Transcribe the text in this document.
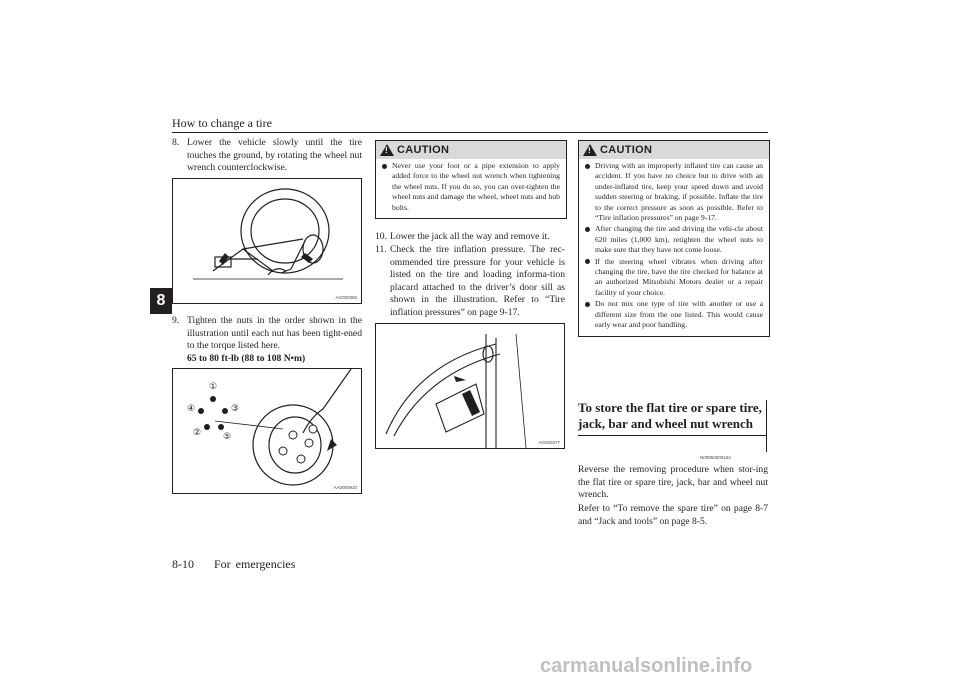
How to change a tire
8
8. Lower the vehicle slowly until the tire touches the ground, by rotating the wheel nut wrench counterclockwise.
AG000355
9. Tighten the nuts in the order shown in the illustration until each nut has been tight-ened to the torque listed here.
65 to 80 ft-lb (88 to 108 N•m)
①
②
③
④
⑤
AA0000910
!
CAUTION
Never use your foot or a pipe extension to apply added force to the wheel nut wrench when tightening the wheel nuts. If you do so, you can over-tighten the wheel nuts and damage the wheel, wheel nuts and hub bolts.
10. Lower the jack all the way and remove it.
11. Check the tire inflation pressure. The rec-ommended tire pressure for your vehicle is listed on the tire and loading informa-tion placard attached to the driver’s door sill as shown in the illustration. Refer to “Tire inflation pressures” on page 9-17.
AG002677
!
CAUTION
Driving with an improperly inflated tire can cause an accident. If you have no choice but to drive with an under-inflated tire, keep your speed down and avoid sudden steering or braking, if possible. Inflate the tire to the correct pressure as soon as possible. Refer to “Tire inflation pressures” on page 9-17.
After changing the tire and driving the vehi-cle about 620 miles (1,000 km), retighten the wheel nuts to make sure that they have not come loose.
If the steering wheel vibrates when driving after changing the tire, have the tire checked for balance at an authorized Mitsubishi Motors dealer or a repair facility of your choice.
Do not mix one type of tire with another or use a different size from the one listed. This would cause early wear and poor handling.
To store the flat tire or spare tire, jack, bar and wheel nut wrench
N00850000162
Reverse the removing procedure when stor-ing the flat tire or spare tire, jack, bar and wheel nut wrench.
Refer to “To remove the spare tire” on page 8-7 and “Jack and tools” on page 8-5.
8-10 For emergencies
carmanualsonline.info
